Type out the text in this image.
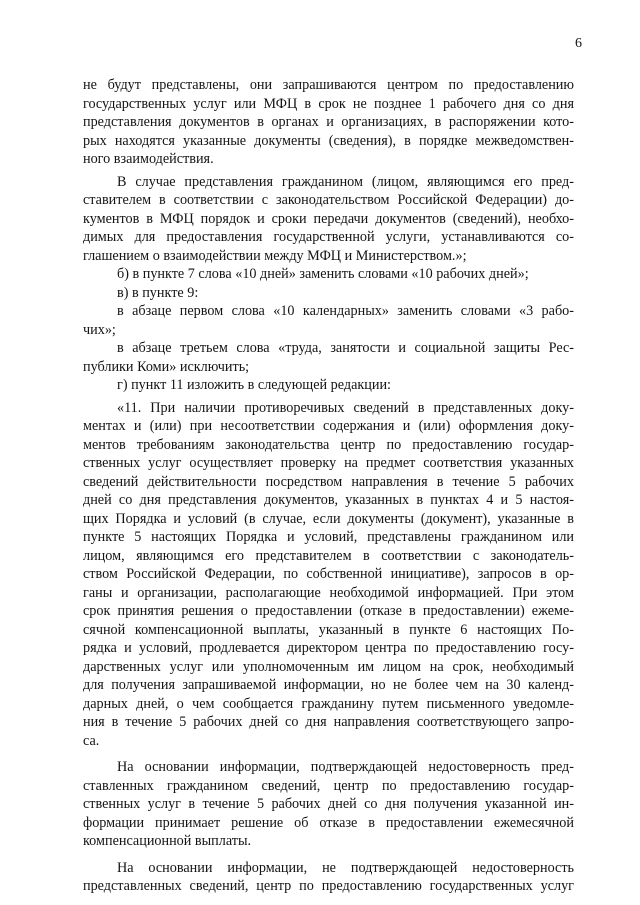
6
не будут представлены, они запрашиваются центром по предоставлению
государственных услуг или МФЦ в срок не позднее 1 рабочего дня со дня
представления документов в органах и организациях, в распоряжении кото-
рых находятся указанные документы (сведения), в порядке межведомствен-
ного взаимодействия.
В случае представления гражданином (лицом, являющимся его пред-
ставителем в соответствии с законодательством Российской Федерации) до-
кументов в МФЦ порядок и сроки передачи документов (сведений), необхо-
димых для предоставления государственной услуги, устанавливаются со-
глашением о взаимодействии между МФЦ и Министерством.»;
б) в пункте 7 слова «10 дней» заменить словами «10 рабочих дней»;
в) в пункте 9:
в абзаце первом слова «10 календарных» заменить словами «3 рабо-
чих»;
в абзаце третьем слова «труда, занятости и социальной защиты Рес-
публики Коми» исключить;
г) пункт 11 изложить в следующей редакции:
«11. При наличии противоречивых сведений в представленных доку-
ментах и (или) при несоответствии содержания и (или) оформления доку-
ментов требованиям законодательства центр по предоставлению государ-
ственных услуг осуществляет проверку на предмет соответствия указанных
сведений действительности посредством направления в течение 5 рабочих
дней со дня представления документов, указанных в пунктах 4 и 5 настоя-
щих Порядка и условий (в случае, если документы (документ), указанные в
пункте 5 настоящих Порядка и условий, представлены гражданином или
лицом, являющимся его представителем в соответствии с законодатель-
ством Российской Федерации, по собственной инициативе), запросов в ор-
ганы и организации, располагающие необходимой информацией. При этом
срок принятия решения о предоставлении (отказе в предоставлении) ежеме-
сячной компенсационной выплаты, указанный в пункте 6 настоящих По-
рядка и условий, продлевается директором центра по предоставлению госу-
дарственных услуг или уполномоченным им лицом на срок, необходимый
для получения запрашиваемой информации, но не более чем на 30 календ-
дарных дней, о чем сообщается гражданину путем письменного уведомле-
ния в течение 5 рабочих дней со дня направления соответствующего запро-
са.
На основании информации, подтверждающей недостоверность пред-
ставленных гражданином сведений, центр по предоставлению государ-
ственных услуг в течение 5 рабочих дней со дня получения указанной ин-
формации принимает решение об отказе в предоставлении ежемесячной
компенсационной выплаты.
На основании информации, не подтверждающей недостоверность
представленных сведений, центр по предоставлению государственных услуг
